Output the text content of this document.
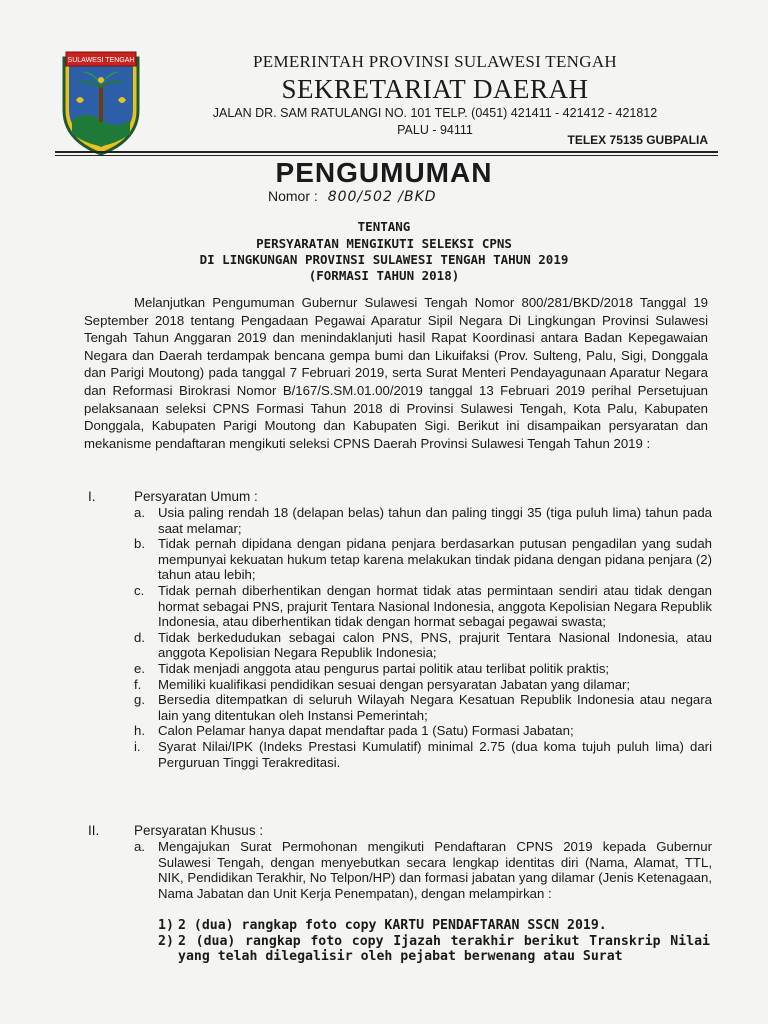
SULAWESI TENGAH	PEMERINTAH PROVINSI SULAWESI TENGAH
SEKRETARIAT DAERAH
JALAN DR. SAM RATULANGI NO. 101 TELP. (0451) 421411 - 421412 - 421812
PALU - 94111
TELEX 75135 GUBPALIA
PENGUMUMAN
Nomor : 800/502 /BKD
TENTANG
PERSYARATAN MENGIKUTI SELEKSI CPNS
DI LINGKUNGAN PROVINSI SULAWESI TENGAH TAHUN 2019
(FORMASI TAHUN 2018)

Melanjutkan Pengumuman Gubernur Sulawesi Tengah Nomor 800/281/BKD/2018 Tanggal 19 September 2018 tentang Pengadaan Pegawai Aparatur Sipil Negara Di Lingkungan Provinsi Sulawesi Tengah Tahun Anggaran 2019 dan menindaklanjuti hasil Rapat Koordinasi antara Badan Kepegawaian Negara dan Daerah terdampak bencana gempa bumi dan Likuifaksi (Prov. Sulteng, Palu, Sigi, Donggala dan Parigi Moutong) pada tanggal 7 Februari 2019, serta Surat Menteri Pendayagunaan Aparatur Negara dan Reformasi Birokrasi Nomor B/167/S.SM.01.00/2019 tanggal 13 Februari 2019 perihal Persetujuan pelaksanaan seleksi CPNS Formasi Tahun 2018 di Provinsi Sulawesi Tengah, Kota Palu, Kabupaten Donggala, Kabupaten Parigi Moutong dan Kabupaten Sigi. Berikut ini disampaikan persyaratan dan mekanisme pendaftaran mengikuti seleksi CPNS Daerah Provinsi Sulawesi Tengah Tahun 2019 :

I.	Persyaratan Umum :
a. Usia paling rendah 18 (delapan belas) tahun dan paling tinggi 35 (tiga puluh lima) tahun pada saat melamar;
b. Tidak pernah dipidana dengan pidana penjara berdasarkan putusan pengadilan yang sudah mempunyai kekuatan hukum tetap karena melakukan tindak pidana dengan pidana penjara (2) tahun atau lebih;
c. Tidak pernah diberhentikan dengan hormat tidak atas permintaan sendiri atau tidak dengan hormat sebagai PNS, prajurit Tentara Nasional Indonesia, anggota Kepolisian Negara Republik Indonesia, atau diberhentikan tidak dengan hormat sebagai pegawai swasta;
d. Tidak berkedudukan sebagai calon PNS, PNS, prajurit Tentara Nasional Indonesia, atau anggota Kepolisian Negara Republik Indonesia;
e. Tidak menjadi anggota atau pengurus partai politik atau terlibat politik praktis;
f. Memiliki kualifikasi pendidikan sesuai dengan persyaratan Jabatan yang dilamar;
g. Bersedia ditempatkan di seluruh Wilayah Negara Kesatuan Republik Indonesia atau negara lain yang ditentukan oleh Instansi Pemerintah;
h. Calon Pelamar hanya dapat mendaftar pada 1 (Satu) Formasi Jabatan;
i. Syarat Nilai/IPK (Indeks Prestasi Kumulatif) minimal 2.75 (dua koma tujuh puluh lima) dari Perguruan Tinggi Terakreditasi.
II.	Persyaratan Khusus :
a. Mengajukan Surat Permohonan mengikuti Pendaftaran CPNS 2019 kepada Gubernur Sulawesi Tengah, dengan menyebutkan secara lengkap identitas diri (Nama, Alamat, TTL, NIK, Pendidikan Terakhir, No Telpon/HP) dan formasi jabatan yang dilamar (Jenis Ketenagaan, Nama Jabatan dan Unit Kerja Penempatan), dengan melampirkan :
1) 2 (dua) rangkap foto copy KARTU PENDAFTARAN SSCN 2019.
2) 2 (dua) rangkap foto copy Ijazah terakhir berikut Transkrip Nilai yang telah dilegalisir oleh pejabat berwenang atau Surat
